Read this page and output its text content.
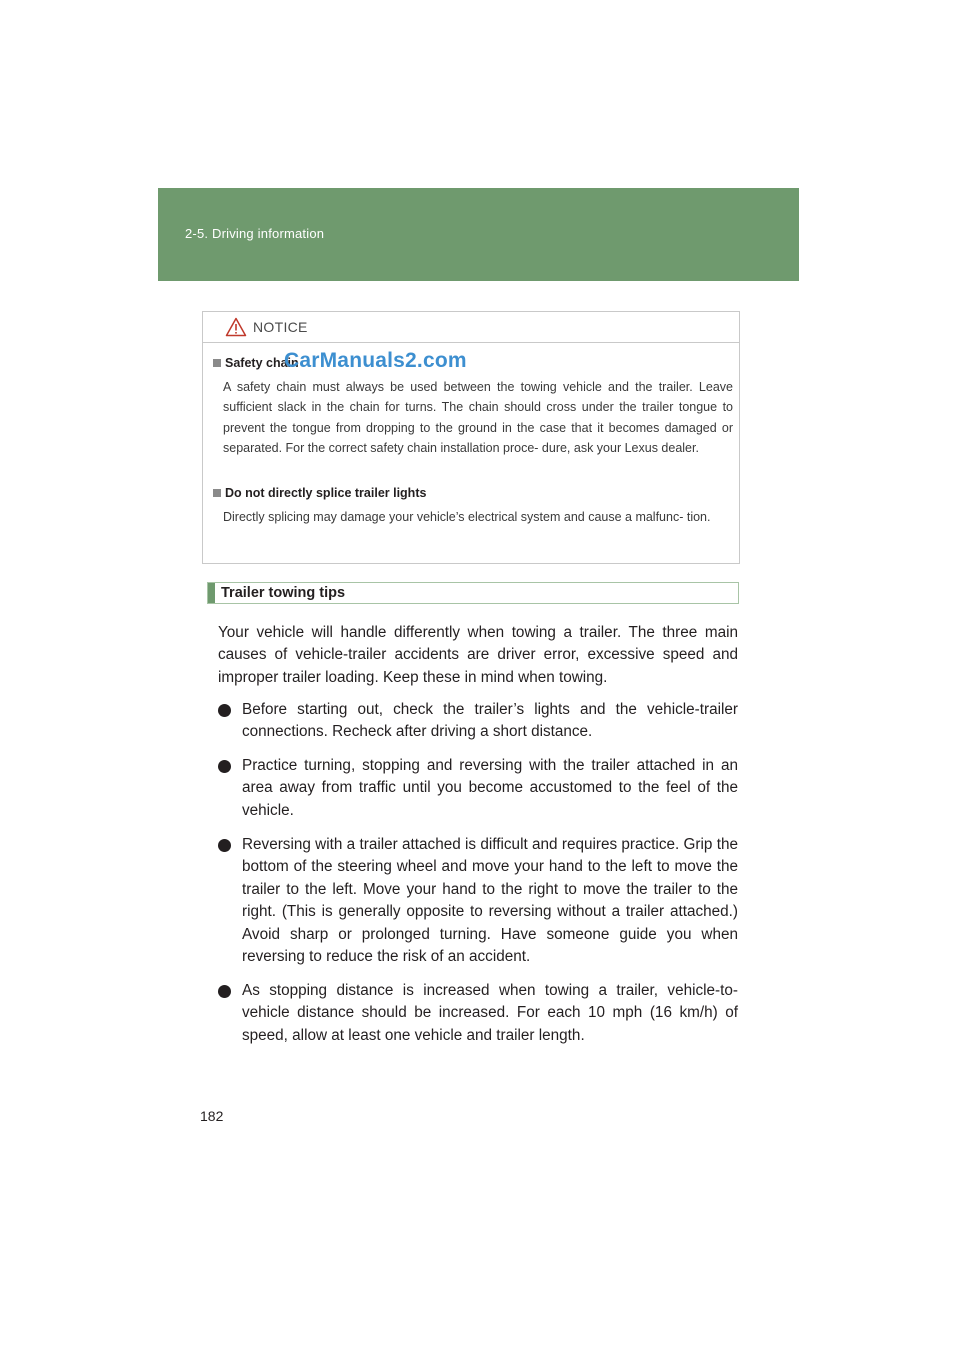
2-5. Driving information
NOTICE
Safety chain
A safety chain must always be used between the towing vehicle and the trailer. Leave sufficient slack in the chain for turns. The chain should cross under the trailer tongue to prevent the tongue from dropping to the ground in the case that it becomes damaged or separated. For the correct safety chain installation proce- dure, ask your Lexus dealer.
Do not directly splice trailer lights
Directly splicing may damage your vehicle’s electrical system and cause a malfunc- tion.
CarManuals2.com
Trailer towing tips
Your vehicle will handle differently when towing a trailer. The three main causes of vehicle-trailer accidents are driver error, excessive speed and improper trailer loading. Keep these in mind when towing.
Before starting out, check the trailer’s lights and the vehicle-trailer connections. Recheck after driving a short distance.
Practice turning, stopping and reversing with the trailer attached in an area away from traffic until you become accustomed to the feel of the vehicle.
Reversing with a trailer attached is difficult and requires practice. Grip the bottom of the steering wheel and move your hand to the left to move the trailer to the left. Move your hand to the right to move the trailer to the right. (This is generally opposite to reversing without a trailer attached.) Avoid sharp or prolonged turning. Have someone guide you when reversing to reduce the risk of an accident.
As stopping distance is increased when towing a trailer, vehicle-to- vehicle distance should be increased. For each 10 mph (16 km/h) of speed, allow at least one vehicle and trailer length.
182
